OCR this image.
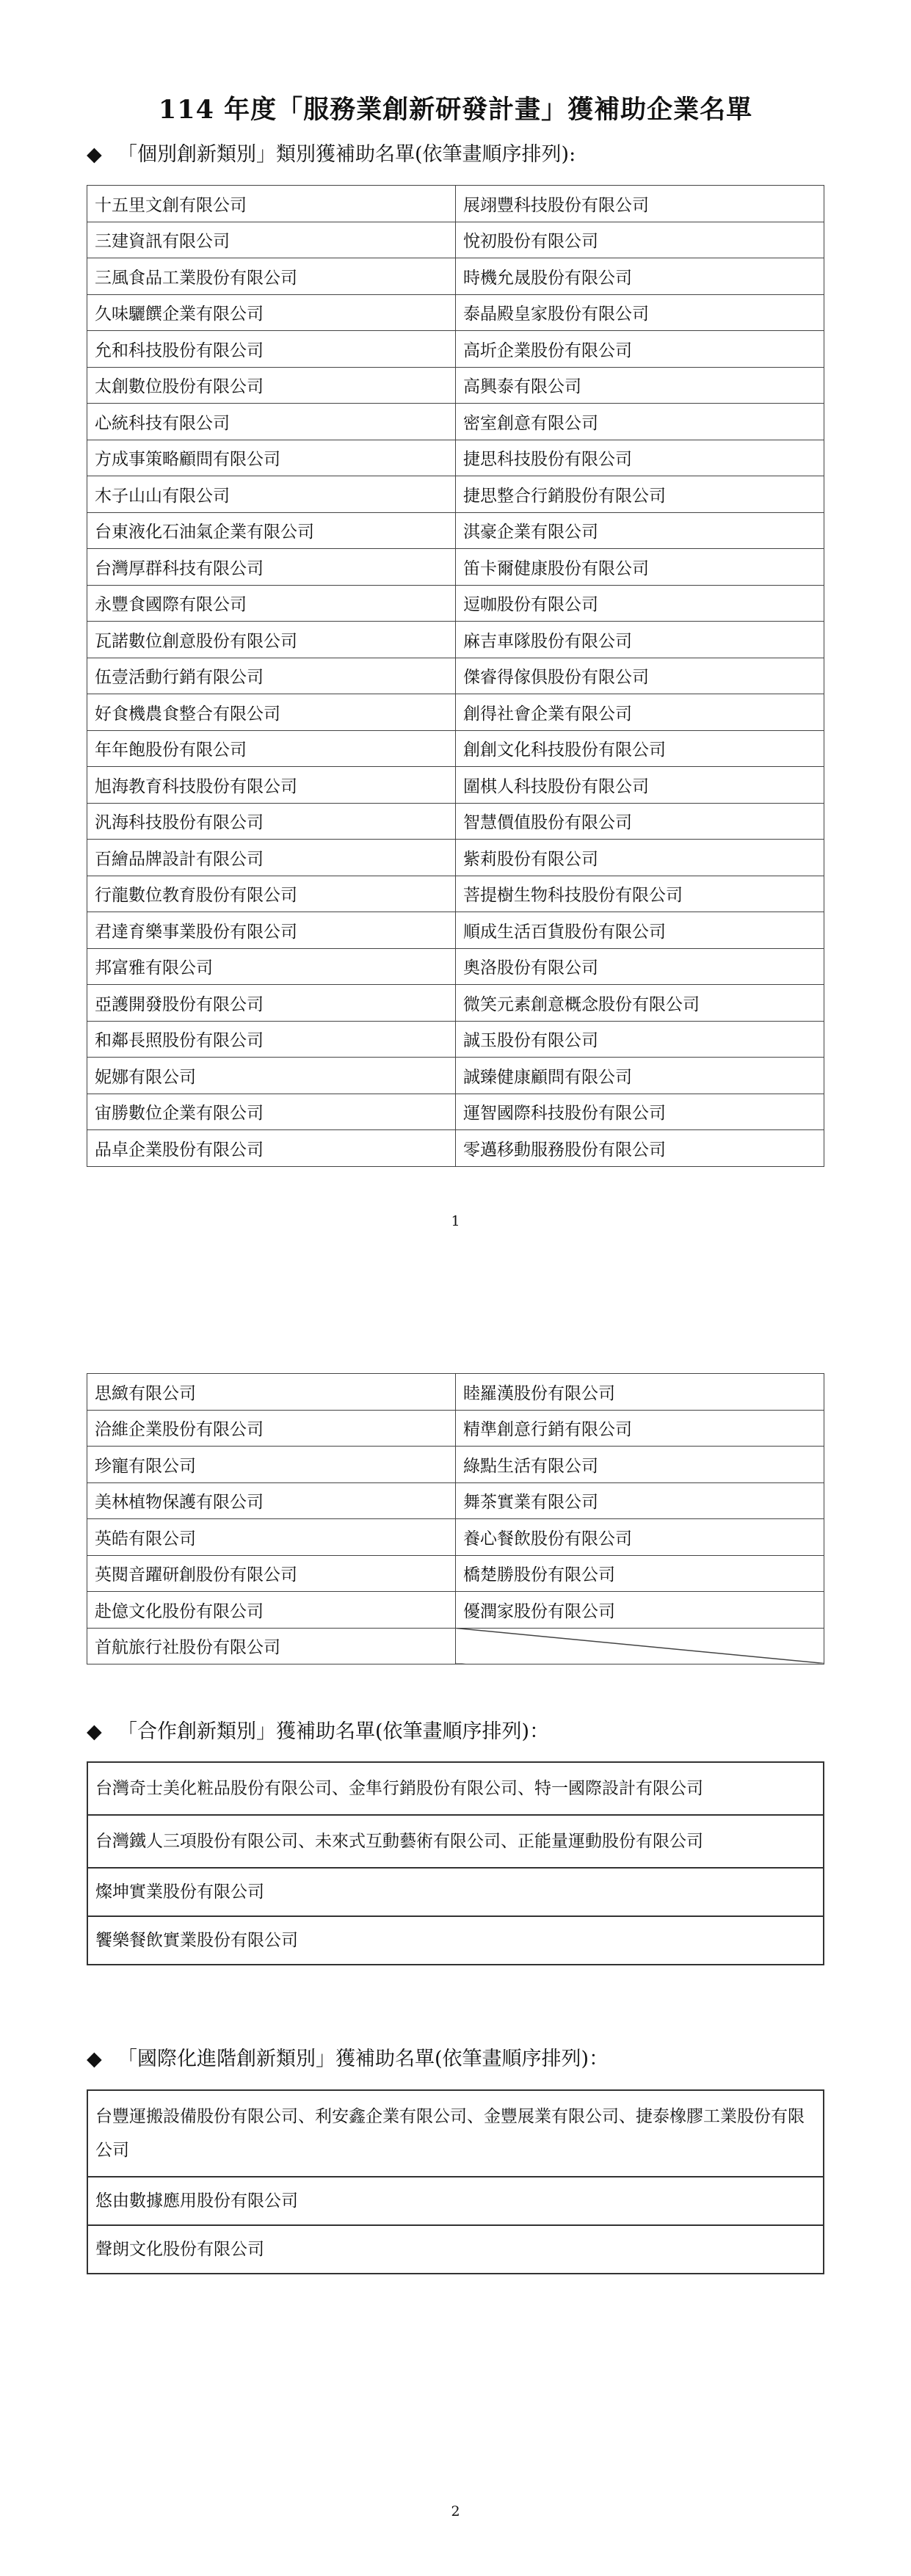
114 年度「服務業創新研發計畫」獲補助企業名單
◆ 「個別創新類別」類別獲補助名單(依筆畫順序排列):
十五里文創有限公司	展翊豐科技股份有限公司
三建資訊有限公司	悅初股份有限公司
三風食品工業股份有限公司	時機允晟股份有限公司
久味驪饌企業有限公司	泰晶殿皇家股份有限公司
允和科技股份有限公司	高圻企業股份有限公司
太創數位股份有限公司	高興泰有限公司
心統科技有限公司	密室創意有限公司
方成事策略顧問有限公司	捷思科技股份有限公司
木子山山有限公司	捷思整合行銷股份有限公司
台東液化石油氣企業有限公司	淇豪企業有限公司
台灣厚群科技有限公司	笛卡爾健康股份有限公司
永豐食國際有限公司	逗咖股份有限公司
瓦諾數位創意股份有限公司	麻吉車隊股份有限公司
伍壹活動行銷有限公司	傑睿得傢俱股份有限公司
好食機農食整合有限公司	創得社會企業有限公司
年年飽股份有限公司	創創文化科技股份有限公司
旭海教育科技股份有限公司	圍棋人科技股份有限公司
汎海科技股份有限公司	智慧價值股份有限公司
百繪品牌設計有限公司	紫莉股份有限公司
行龍數位教育股份有限公司	菩提樹生物科技股份有限公司
君達育樂事業股份有限公司	順成生活百貨股份有限公司
邦富雅有限公司	奧洛股份有限公司
亞護開發股份有限公司	微笑元素創意概念股份有限公司
和鄰長照股份有限公司	誠玉股份有限公司
妮娜有限公司	誠臻健康顧問有限公司
宙勝數位企業有限公司	運智國際科技股份有限公司
品卓企業股份有限公司	零邁移動服務股份有限公司
1
思緻有限公司	睦羅漢股份有限公司
洽維企業股份有限公司	精準創意行銷有限公司
珍寵有限公司	綠點生活有限公司
美林植物保護有限公司	舞茶實業有限公司
英皓有限公司	養心餐飲股份有限公司
英閱音躍研創股份有限公司	橋楚勝股份有限公司
赴億文化股份有限公司	優潤家股份有限公司
首航旅行社股份有限公司	
◆ 「合作創新類別」獲補助名單(依筆畫順序排列)：
台灣奇士美化粧品股份有限公司、金隼行銷股份有限公司、特一國際設計有限公司
台灣鐵人三項股份有限公司、未來式互動藝術有限公司、正能量運動股份有限公司
燦坤實業股份有限公司
饗樂餐飲實業股份有限公司
◆ 「國際化進階創新類別」獲補助名單(依筆畫順序排列)：
台豐運搬設備股份有限公司、利安鑫企業有限公司、金豐展業有限公司、捷泰橡膠工業股份有限公司
悠由數據應用股份有限公司
聲朗文化股份有限公司
2
